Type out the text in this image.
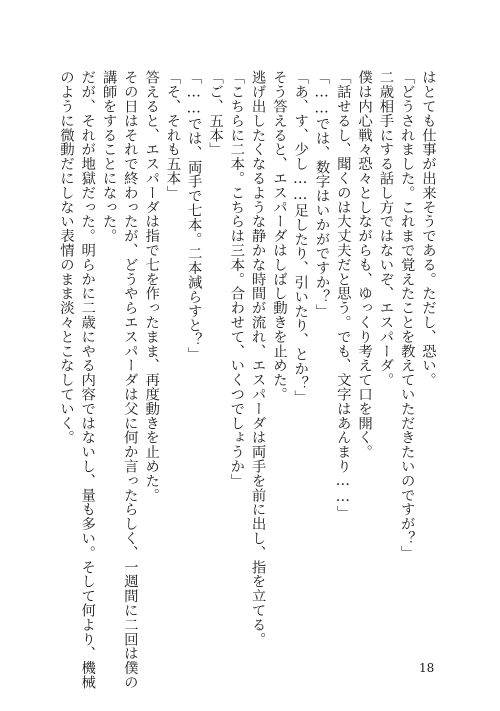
はとても仕事が出来そうである。ただし、恐い。
「どうされました。これまで覚えたことを教えていただきたいのですが？」
二歳相手にする話し方ではないぞ、エスパーダ。
僕は内心戦々恐々としながらも、ゆっくり考えて口を開く。
「話せるし、聞くのは大丈夫だと思う。でも、文字はあんまり……」
「……では、数字はいかがですか？」
「あ、す、少し……足したり、引いたり、とか？」
そう答えると、エスパーダはしばし動きを止めた。
逃げ出したくなるような静かな時間が流れ、エスパーダは両手を前に出し、指を立てる。
「こちらに二本。こちらは三本。合わせて、いくつでしょうか」
「ご、五本」
「……では、両手で七本。二本減らすと？」
「そ、それも五本」
答えると、エスパーダは指で七を作ったまま、再度動きを止めた。
その日はそれで終わったが、どうやらエスパーダは父に何か言ったらしく、一週間に二回は僕の
講師をすることになった。
だが、それが地獄だった。明らかに二歳にやる内容ではないし、量も多い。そして何より、機械
のように微動だにしない表情のまま淡々とこなしていく。
18
